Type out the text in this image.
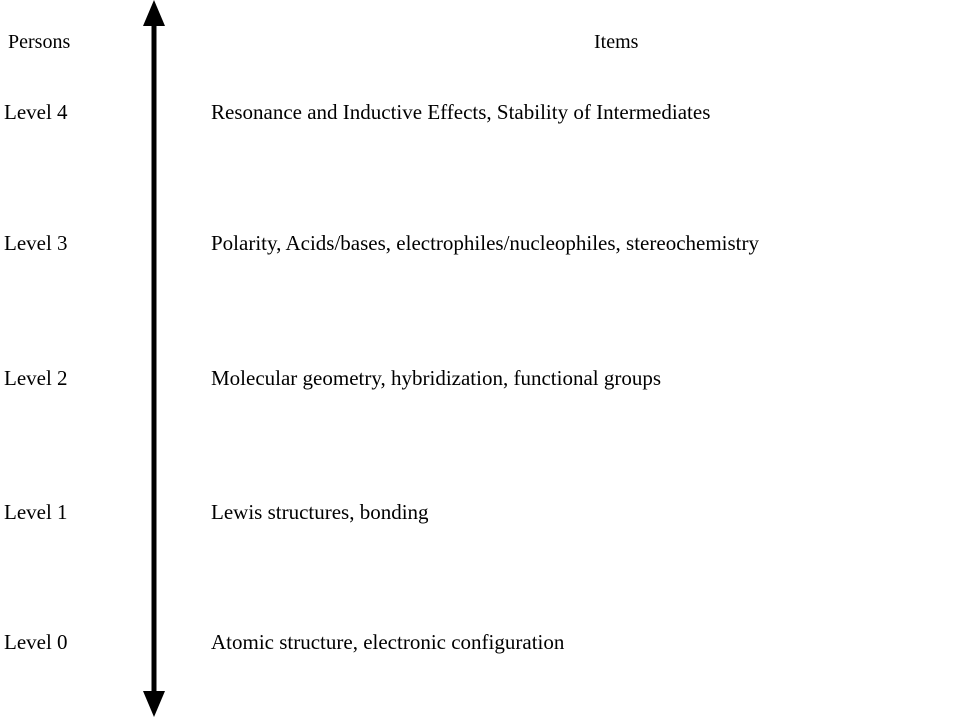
Persons	Items
Level 4	Resonance and Inductive Effects, Stability of Intermediates
Level 3	Polarity, Acids/bases, electrophiles/nucleophiles, stereochemistry
Level 2	Molecular geometry, hybridization, functional groups
Level 1	Lewis structures, bonding
Level 0	Atomic structure, electronic configuration
